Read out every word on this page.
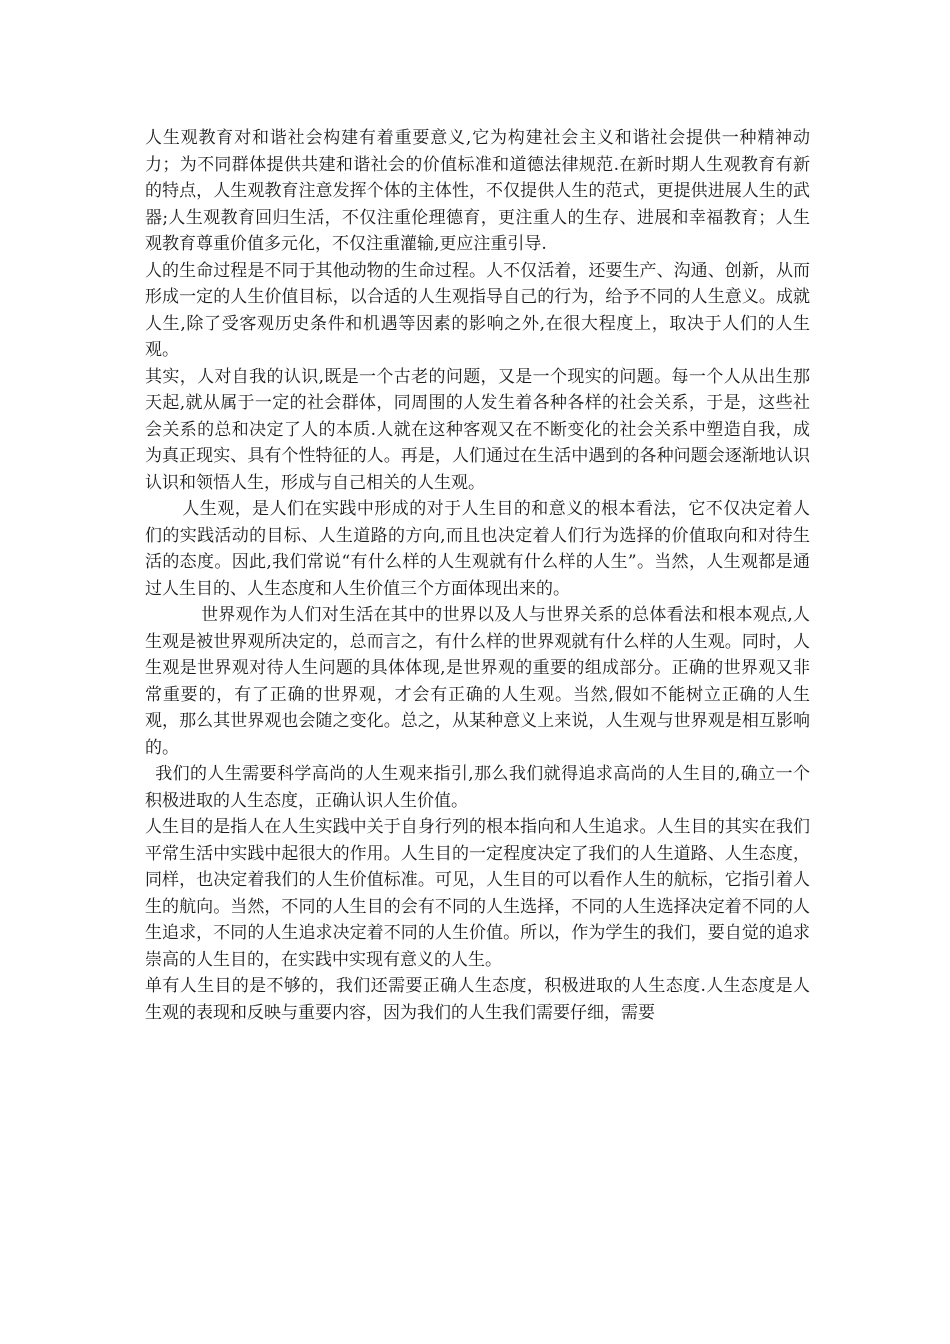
人生观教育对和谐社会构建有着重要意义,它为构建社会主义和谐社会提供一种精神动力；为不同群体提供共建和谐社会的价值标准和道德法律规范.在新时期人生观教育有新的特点，人生观教育注意发挥个体的主体性，不仅提供人生的范式，更提供进展人生的武器;人生观教育回归生活，不仅注重伦理德育，更注重人的生存、进展和幸福教育；人生观教育尊重价值多元化，不仅注重灌输,更应注重引导.

人的生命过程是不同于其他动物的生命过程。人不仅活着，还要生产、沟通、创新，从而形成一定的人生价值目标，以合适的人生观指导自己的行为，给予不同的人生意义。成就人生,除了受客观历史条件和机遇等因素的影响之外,在很大程度上，取决于人们的人生观。

其实，人对自我的认识,既是一个古老的问题，又是一个现实的问题。每一个人从出生那天起,就从属于一定的社会群体，同周围的人发生着各种各样的社会关系，于是，这些社会关系的总和决定了人的本质.人就在这种客观又在不断变化的社会关系中塑造自我，成为真正现实、具有个性特征的人。再是，人们通过在生活中遇到的各种问题会逐渐地认识认识和领悟人生，形成与自己相关的人生观。

人生观，是人们在实践中形成的对于人生目的和意义的根本看法，它不仅决定着人们的实践活动的目标、人生道路的方向,而且也决定着人们行为选择的价值取向和对待生活的态度。因此,我们常说“有什么样的人生观就有什么样的人生”。当然，人生观都是通过人生目的、人生态度和人生价值三个方面体现出来的。

世界观作为人们对生活在其中的世界以及人与世界关系的总体看法和根本观点,人生观是被世界观所决定的，总而言之，有什么样的世界观就有什么样的人生观。同时，人生观是世界观对待人生问题的具体体现,是世界观的重要的组成部分。正确的世界观又非常重要的，有了正确的世界观，才会有正确的人生观。当然,假如不能树立正确的人生观，那么其世界观也会随之变化。总之，从某种意义上来说，人生观与世界观是相互影响的。

我们的人生需要科学高尚的人生观来指引,那么我们就得追求高尚的人生目的,确立一个积极进取的人生态度，正确认识人生价值。

人生目的是指人在人生实践中关于自身行列的根本指向和人生追求。人生目的其实在我们平常生活中实践中起很大的作用。人生目的一定程度决定了我们的人生道路、人生态度，同样，也决定着我们的人生价值标准。可见，人生目的可以看作人生的航标，它指引着人生的航向。当然，不同的人生目的会有不同的人生选择，不同的人生选择决定着不同的人生追求，不同的人生追求决定着不同的人生价值。所以，作为学生的我们，要自觉的追求崇高的人生目的，在实践中实现有意义的人生。

单有人生目的是不够的，我们还需要正确人生态度，积极进取的人生态度.人生态度是人生观的表现和反映与重要内容，因为我们的人生我们需要仔细，需要
